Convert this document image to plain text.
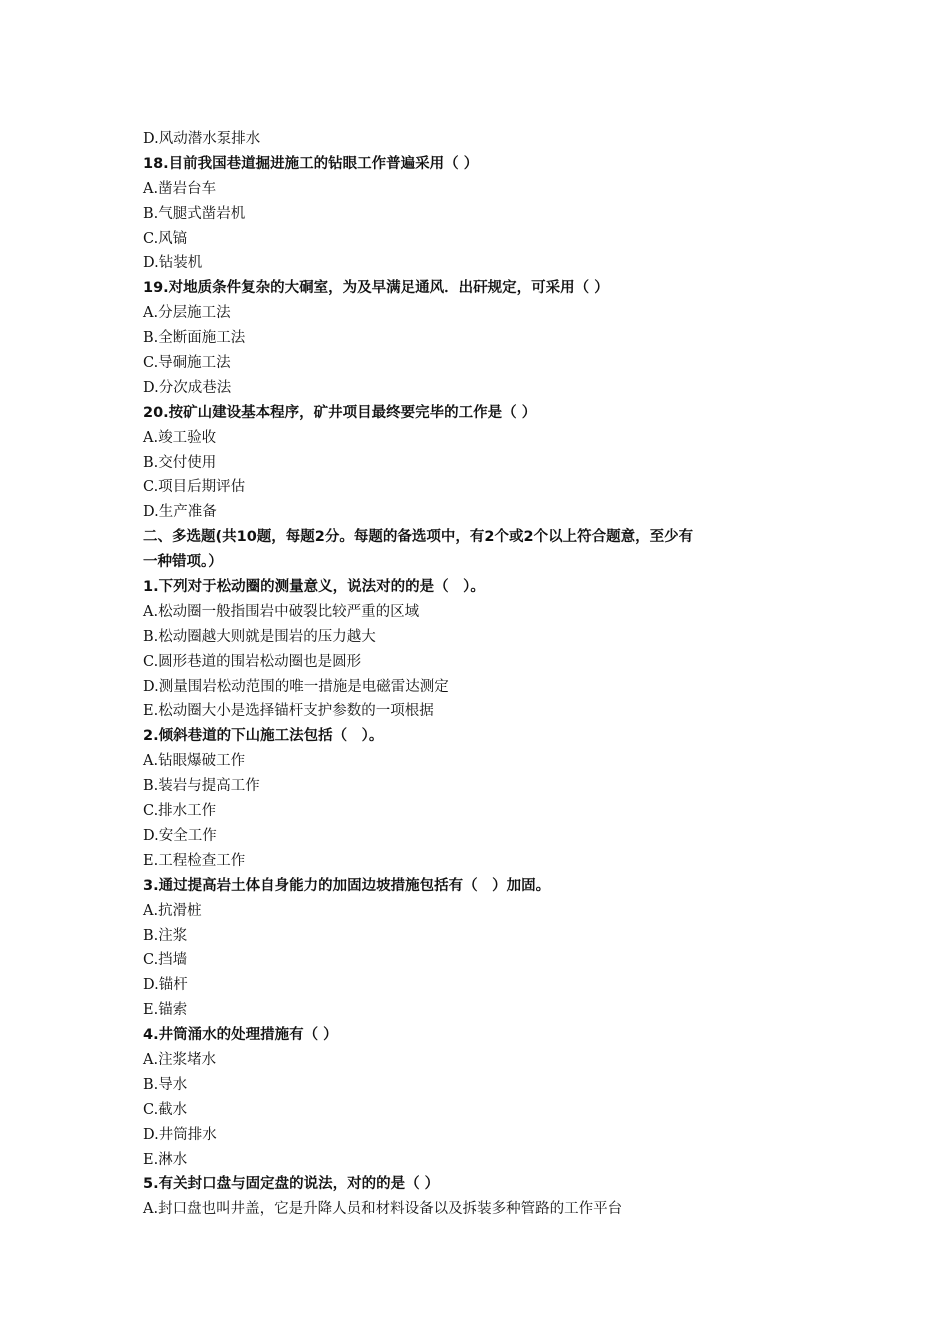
D.风动潜水泵排水
18.目前我国巷道掘进施工的钻眼工作普遍采用（ ）
A.凿岩台车
B.气腿式凿岩机
C.风镐
D.钻装机
19.对地质条件复杂的大硐室，为及早满足通风．出矸规定，可采用（ ）
A.分层施工法
B.全断面施工法
C.导硐施工法
D.分次成巷法
20.按矿山建设基本程序，矿井项目最终要完毕的工作是（ ）
A.竣工验收
B.交付使用
C.项目后期评估
D.生产准备
二、多选题(共10题，每题2分。每题的备选项中，有2个或2个以上符合题意，至少有
一种错项。）
1.下列对于松动圈的测量意义，说法对的的是（　）。
A.松动圈一般指围岩中破裂比较严重的区域
B.松动圈越大则就是围岩的压力越大
C.圆形巷道的围岩松动圈也是圆形
D.测量围岩松动范围的唯一措施是电磁雷达测定
E.松动圈大小是选择锚杆支护参数的一项根据
2.倾斜巷道的下山施工法包括（　）。
A.钻眼爆破工作
B.装岩与提高工作
C.排水工作
D.安全工作
E.工程检查工作
3.通过提高岩土体自身能力的加固边坡措施包括有（　）加固。
A.抗滑桩
B.注浆
C.挡墙
D.锚杆
E.锚索
4.井筒涌水的处理措施有（ ）
A.注浆堵水
B.导水
C.截水
D.井筒排水
E.淋水
5.有关封口盘与固定盘的说法，对的的是（ ）
A.封口盘也叫井盖，它是升降人员和材料设备以及拆装多种管路的工作平台
